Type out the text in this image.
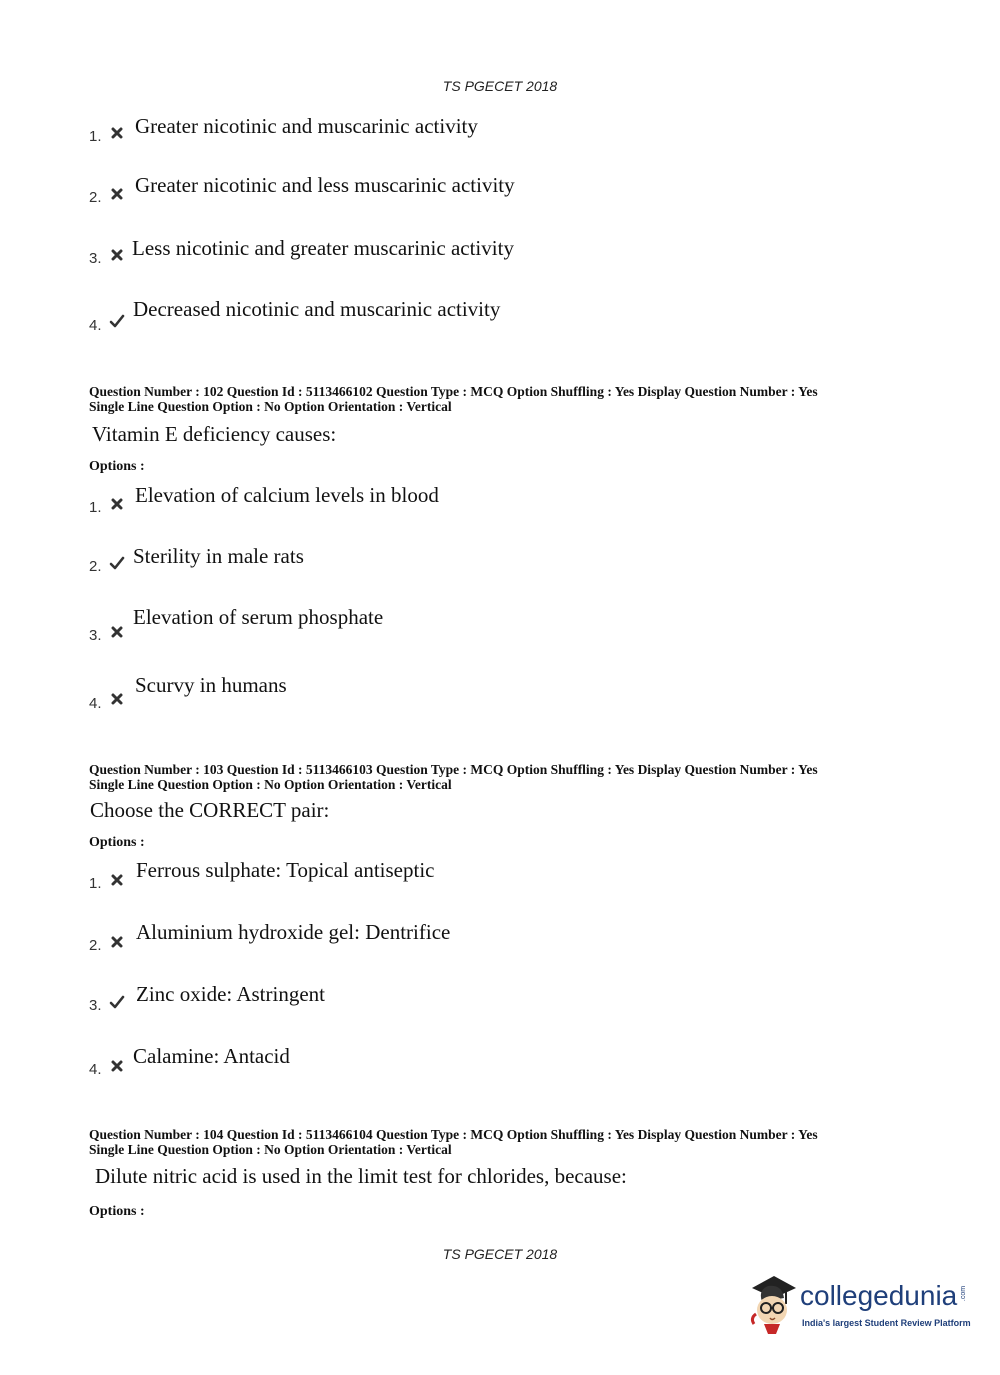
TS PGECET 2018
1. Greater nicotinic and muscarinic activity
2.
Greater nicotinic and less muscarinic activity
3. Less nicotinic and greater muscarinic activity
4.
Decreased nicotinic and muscarinic activity
Question Number : 102 Question Id : 5113466102 Question Type : MCQ Option Shuffling : Yes Display Question Number : Yes
Single Line Question Option : No Option Orientation : Vertical
Vitamin E deficiency causes:
Options :
1.
Elevation of calcium levels in blood
2. Sterility in male rats
3.
Elevation of serum phosphate
4.
Scurvy in humans
Question Number : 103 Question Id : 5113466103 Question Type : MCQ Option Shuffling : Yes Display Question Number : Yes
Single Line Question Option : No Option Orientation : Vertical
Choose the CORRECT pair:
Options :
1.
Ferrous sulphate: Topical antiseptic
2.
Aluminium hydroxide gel: Dentrifice
3. Zinc oxide: Astringent
4.
Calamine: Antacid
Question Number : 104 Question Id : 5113466104 Question Type : MCQ Option Shuffling : Yes Display Question Number : Yes
Single Line Question Option : No Option Orientation : Vertical
Dilute nitric acid is used in the limit test for chlorides, because:
Options :
TS PGECET 2018
collegedunia .com
India's largest Student Review Platform
